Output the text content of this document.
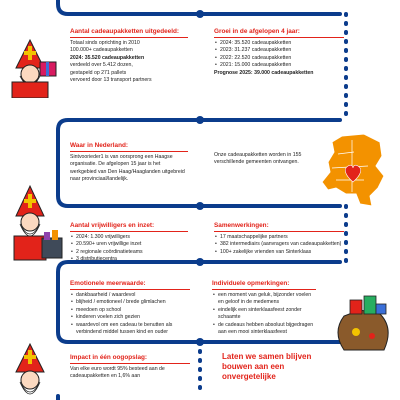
Aantal cadeaupakketten uitgedeeld:

Totaal sinds oprichting in 2010

100.000+ cadeaupakketten

2024: 35.520 cadeaupakketten

verdeeld over 5.412 dozen,

gestapeld op 271 pallets

vervoerd door 13 transport partners

Groei in de afgelopen 4 jaar:
• 2024: 35.520 cadeaupakketten
• 2023: 31.237 cadeaupakketten
• 2022: 22.520 cadeaupakketten
• 2021: 15.000 cadeaupakketten

Prognose 2025: 39.000 cadeaupakketten

Waar in Nederland:

Sintvoorieder1 is van oorsprong een Haagse organisatie. De afgelopen 15 jaar is het werkgebied van Den Haag/Haaglanden uitgebreid naar provinciaal/landelijk.

Onze cadeaupakketten worden in 155 verschillende gemeenten ontvangen.

Aantal vrijwilligers en inzet:
• 2024: 1.300 vrijwilligers
• 20.590+ uren vrijwillige inzet
• 2 regionale coördinatieteams
• 3 distributiecentra
Samenwerkingen:
• 17 maatschappelijke partners
• 382 intermediairs (aanvragers van cadeaupakketten)
• 100+ zakelijke vrienden van Sinterklaas
Emotionele meerwaarde:
• dankbaarheid / waardevol
• blijheid / emotioneel / brede glimlachen
• meedoen op school
• kinderen voelen zich gezien
• waardevol om een cadeau te benutten als verbindend middel tussen kind en ouder
Individuele opmerkingen:
• een moment van geluk, bijzonder voelen en geloof in de medemens
• eindelijk een sinterklaasfeest zonder schaamte
• de cadeaus hebben absoluut bijgedragen aan een mooi sinterklaasfeest
Impact in één oogopslag:

Van elke euro wordt 95% besteed aan de cadeaupakketten en 1,6% aan

Laten we samen blijven bouwen aan een onvergetelijke
